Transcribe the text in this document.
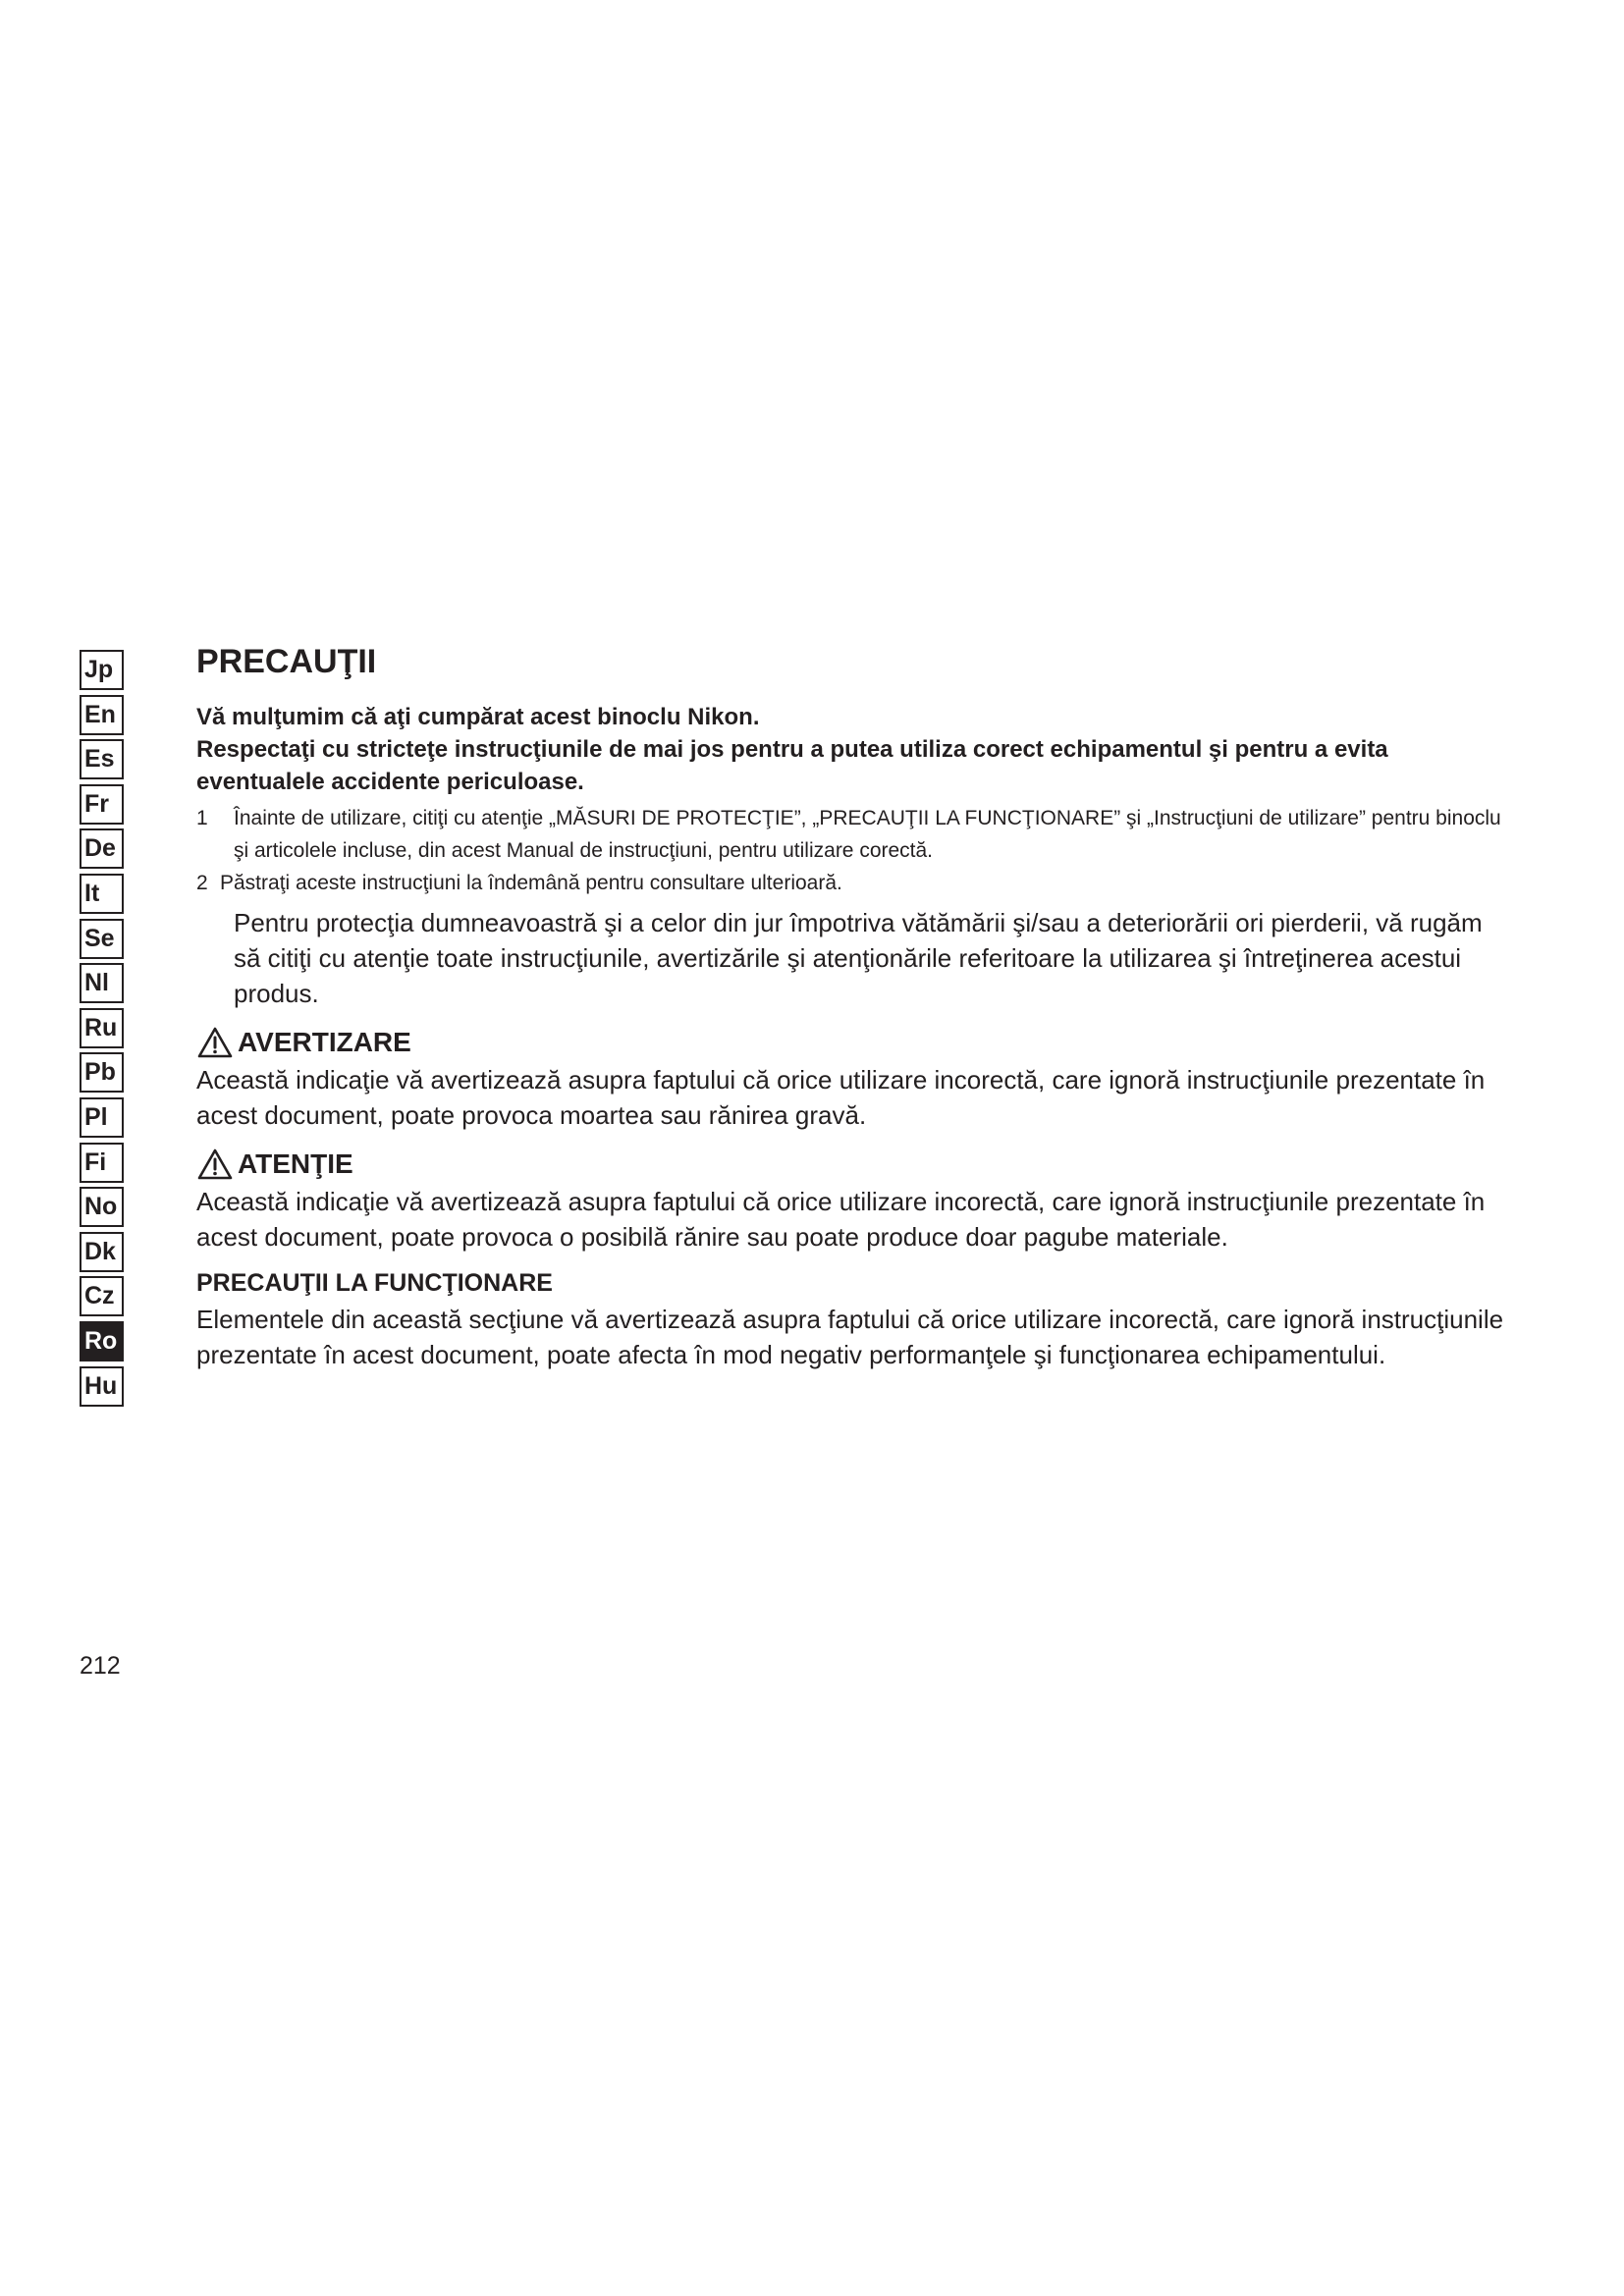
Jp
En
Es
Fr
De
It
Se
Nl
Ru
Pb
Pl
Fi
No
Dk
Cz
Ro
Hu
PRECAUŢII

Vă mulţumim că aţi cumpărat acest binoclu Nikon.

Respectaţi cu stricteţe instrucţiunile de mai jos pentru a putea utiliza corect echipamentul şi pentru a evita eventualele accidente periculoase.

1	Înainte de utilizare, citiţi cu atenţie „MĂSURI DE PROTECŢIE”, „PRECAUŢII LA FUNCŢIONARE” şi „Instrucţiuni de utilizare” pentru binoclu şi articolele incluse, din acest Manual de instrucţiuni, pentru utilizare corectă.
2 Păstraţi aceste instrucţiuni la îndemână pentru consultare ulterioară.

Pentru protecţia dumneavoastră şi a celor din jur împotriva vătămării şi/sau a deteriorării ori pierderii, vă rugăm să citiţi cu atenţie toate instrucţiunile, avertizările şi atenţionările referitoare la utilizarea şi întreţinerea acestui produs.

AVERTIZARE

Această indicaţie vă avertizează asupra faptului că orice utilizare incorectă, care ignoră instrucţiunile prezentate în acest document, poate provoca moartea sau rănirea gravă.

ATENŢIE

Această indicaţie vă avertizează asupra faptului că orice utilizare incorectă, care ignoră instrucţiunile prezentate în acest document, poate provoca o posibilă rănire sau poate produce doar pagube materiale.

PRECAUŢII LA FUNCŢIONARE

Elementele din această secţiune vă avertizează asupra faptului că orice utilizare incorectă, care ignoră instrucţiunile prezentate în acest document, poate afecta în mod negativ performanţele şi funcţionarea echipamentului.

212
